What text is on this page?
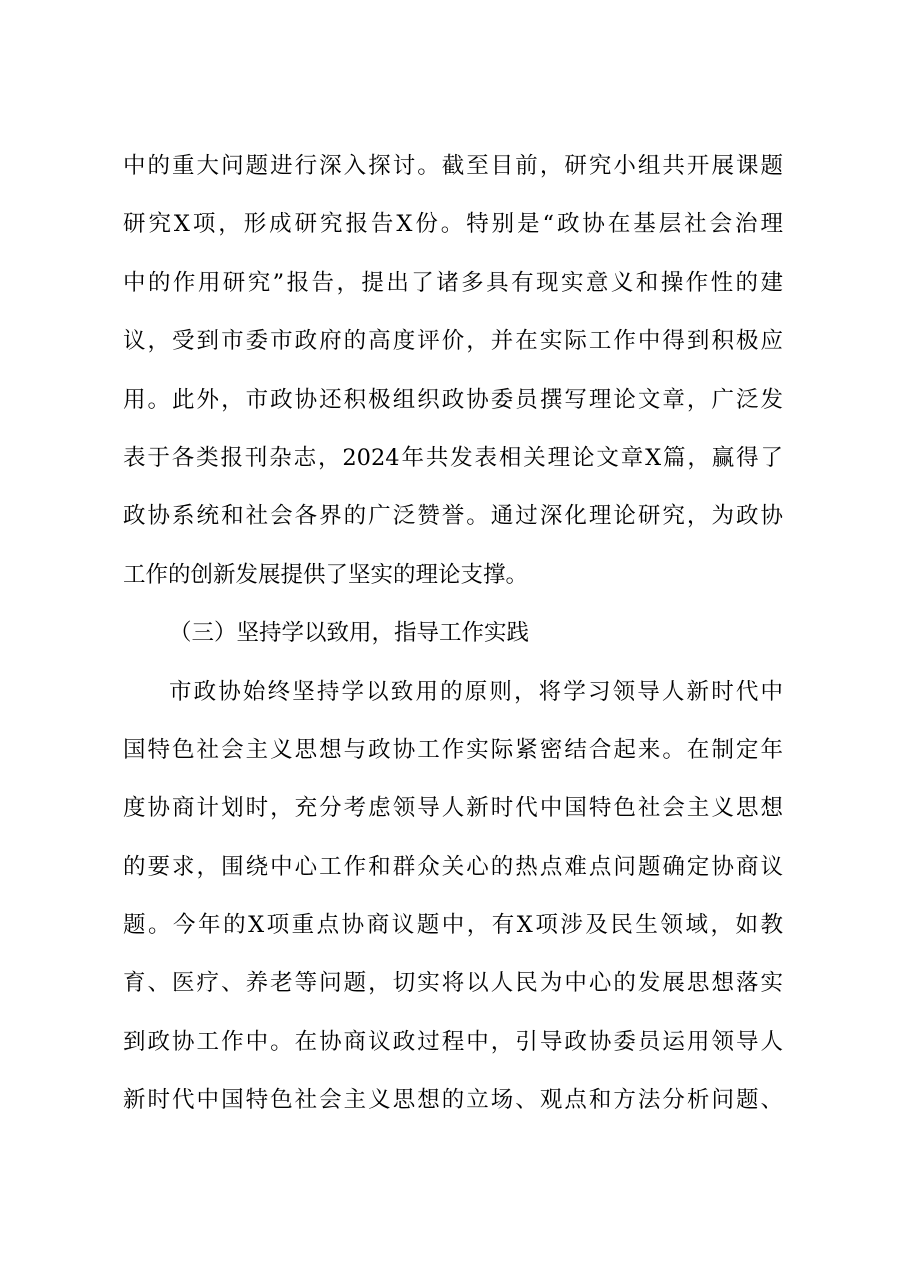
中的重大问题进行深入探讨。截至目前，研究小组共开展课题
研究X项，形成研究报告X份。特别是“政协在基层社会治理
中的作用研究”报告，提出了诸多具有现实意义和操作性的建
议，受到市委市政府的高度评价，并在实际工作中得到积极应
用。此外，市政协还积极组织政协委员撰写理论文章，广泛发
表于各类报刊杂志，2024年共发表相关理论文章X篇，赢得了
政协系统和社会各界的广泛赞誉。通过深化理论研究，为政协
工作的创新发展提供了坚实的理论支撑。
（三）坚持学以致用，指导工作实践
市政协始终坚持学以致用的原则，将学习领导人新时代中
国特色社会主义思想与政协工作实际紧密结合起来。在制定年
度协商计划时，充分考虑领导人新时代中国特色社会主义思想
的要求，围绕中心工作和群众关心的热点难点问题确定协商议
题。今年的X项重点协商议题中，有X项涉及民生领域，如教
育、医疗、养老等问题，切实将以人民为中心的发展思想落实
到政协工作中。在协商议政过程中，引导政协委员运用领导人
新时代中国特色社会主义思想的立场、观点和方法分析问题、
